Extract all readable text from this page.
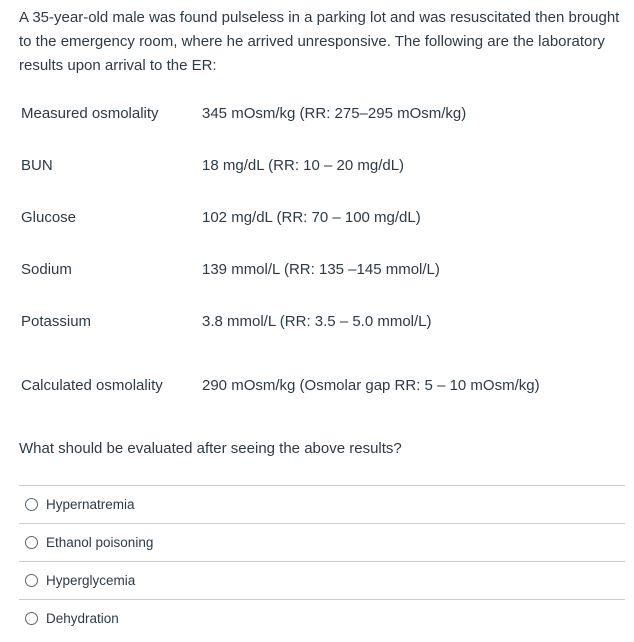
A 35-year-old male was found pulseless in a parking lot and was resuscitated then brought to the emergency room, where he arrived unresponsive. The following are the laboratory results upon arrival to the ER:

Measured osmolality	345 mOsm/kg (RR: 275–295 mOsm/kg)
BUN	18 mg/dL (RR: 10 – 20 mg/dL)
Glucose	102 mg/dL (RR: 70 – 100 mg/dL)
Sodium	139 mmol/L (RR: 135 –145 mmol/L)
Potassium	3.8 mmol/L (RR: 3.5 – 5.0 mmol/L)
Calculated osmolality	290 mOsm/kg (Osmolar gap RR: 5 – 10 mOsm/kg)

What should be evaluated after seeing the above results?

Hypernatremia
Ethanol poisoning
Hyperglycemia
Dehydration
